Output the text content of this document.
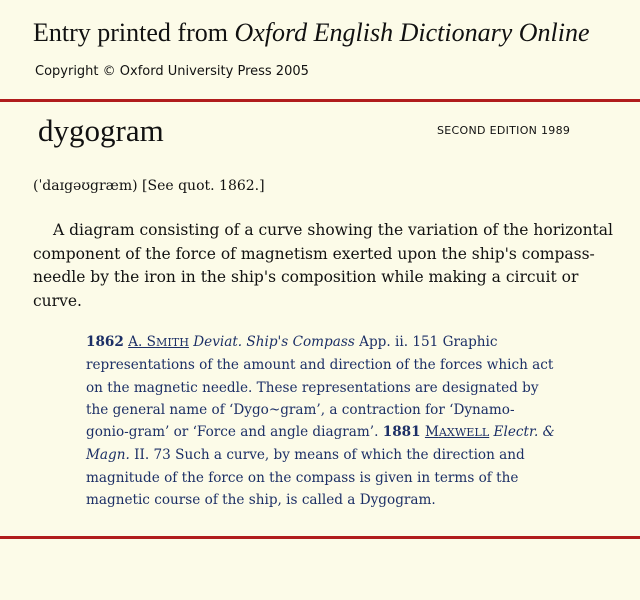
Entry printed from Oxford English Dictionary Online
Copyright © Oxford University Press 2005
dygogram	SECOND EDITION 1989
(ˈdaɪgəʊgræm) [See quot. 1862.]
A diagram consisting of a curve showing the variation of the horizontal component of the force of magnetism exerted upon the ship's compass-needle by the iron in the ship's composition while making a circuit or curve.
1862 A. SMITH Deviat. Ship's Compass App. ii. 151 Graphic representations of the amount and direction of the forces which act on the magnetic needle. These representations are designated by the general name of ‘Dygo~gram’, a contraction for ‘Dynamo-gonio-gram’ or ‘Force and angle diagram’. 1881 MAXWELL Electr. & Magn. II. 73 Such a curve, by means of which the direction and magnitude of the force on the compass is given in terms of the magnetic course of the ship, is called a Dygogram.
